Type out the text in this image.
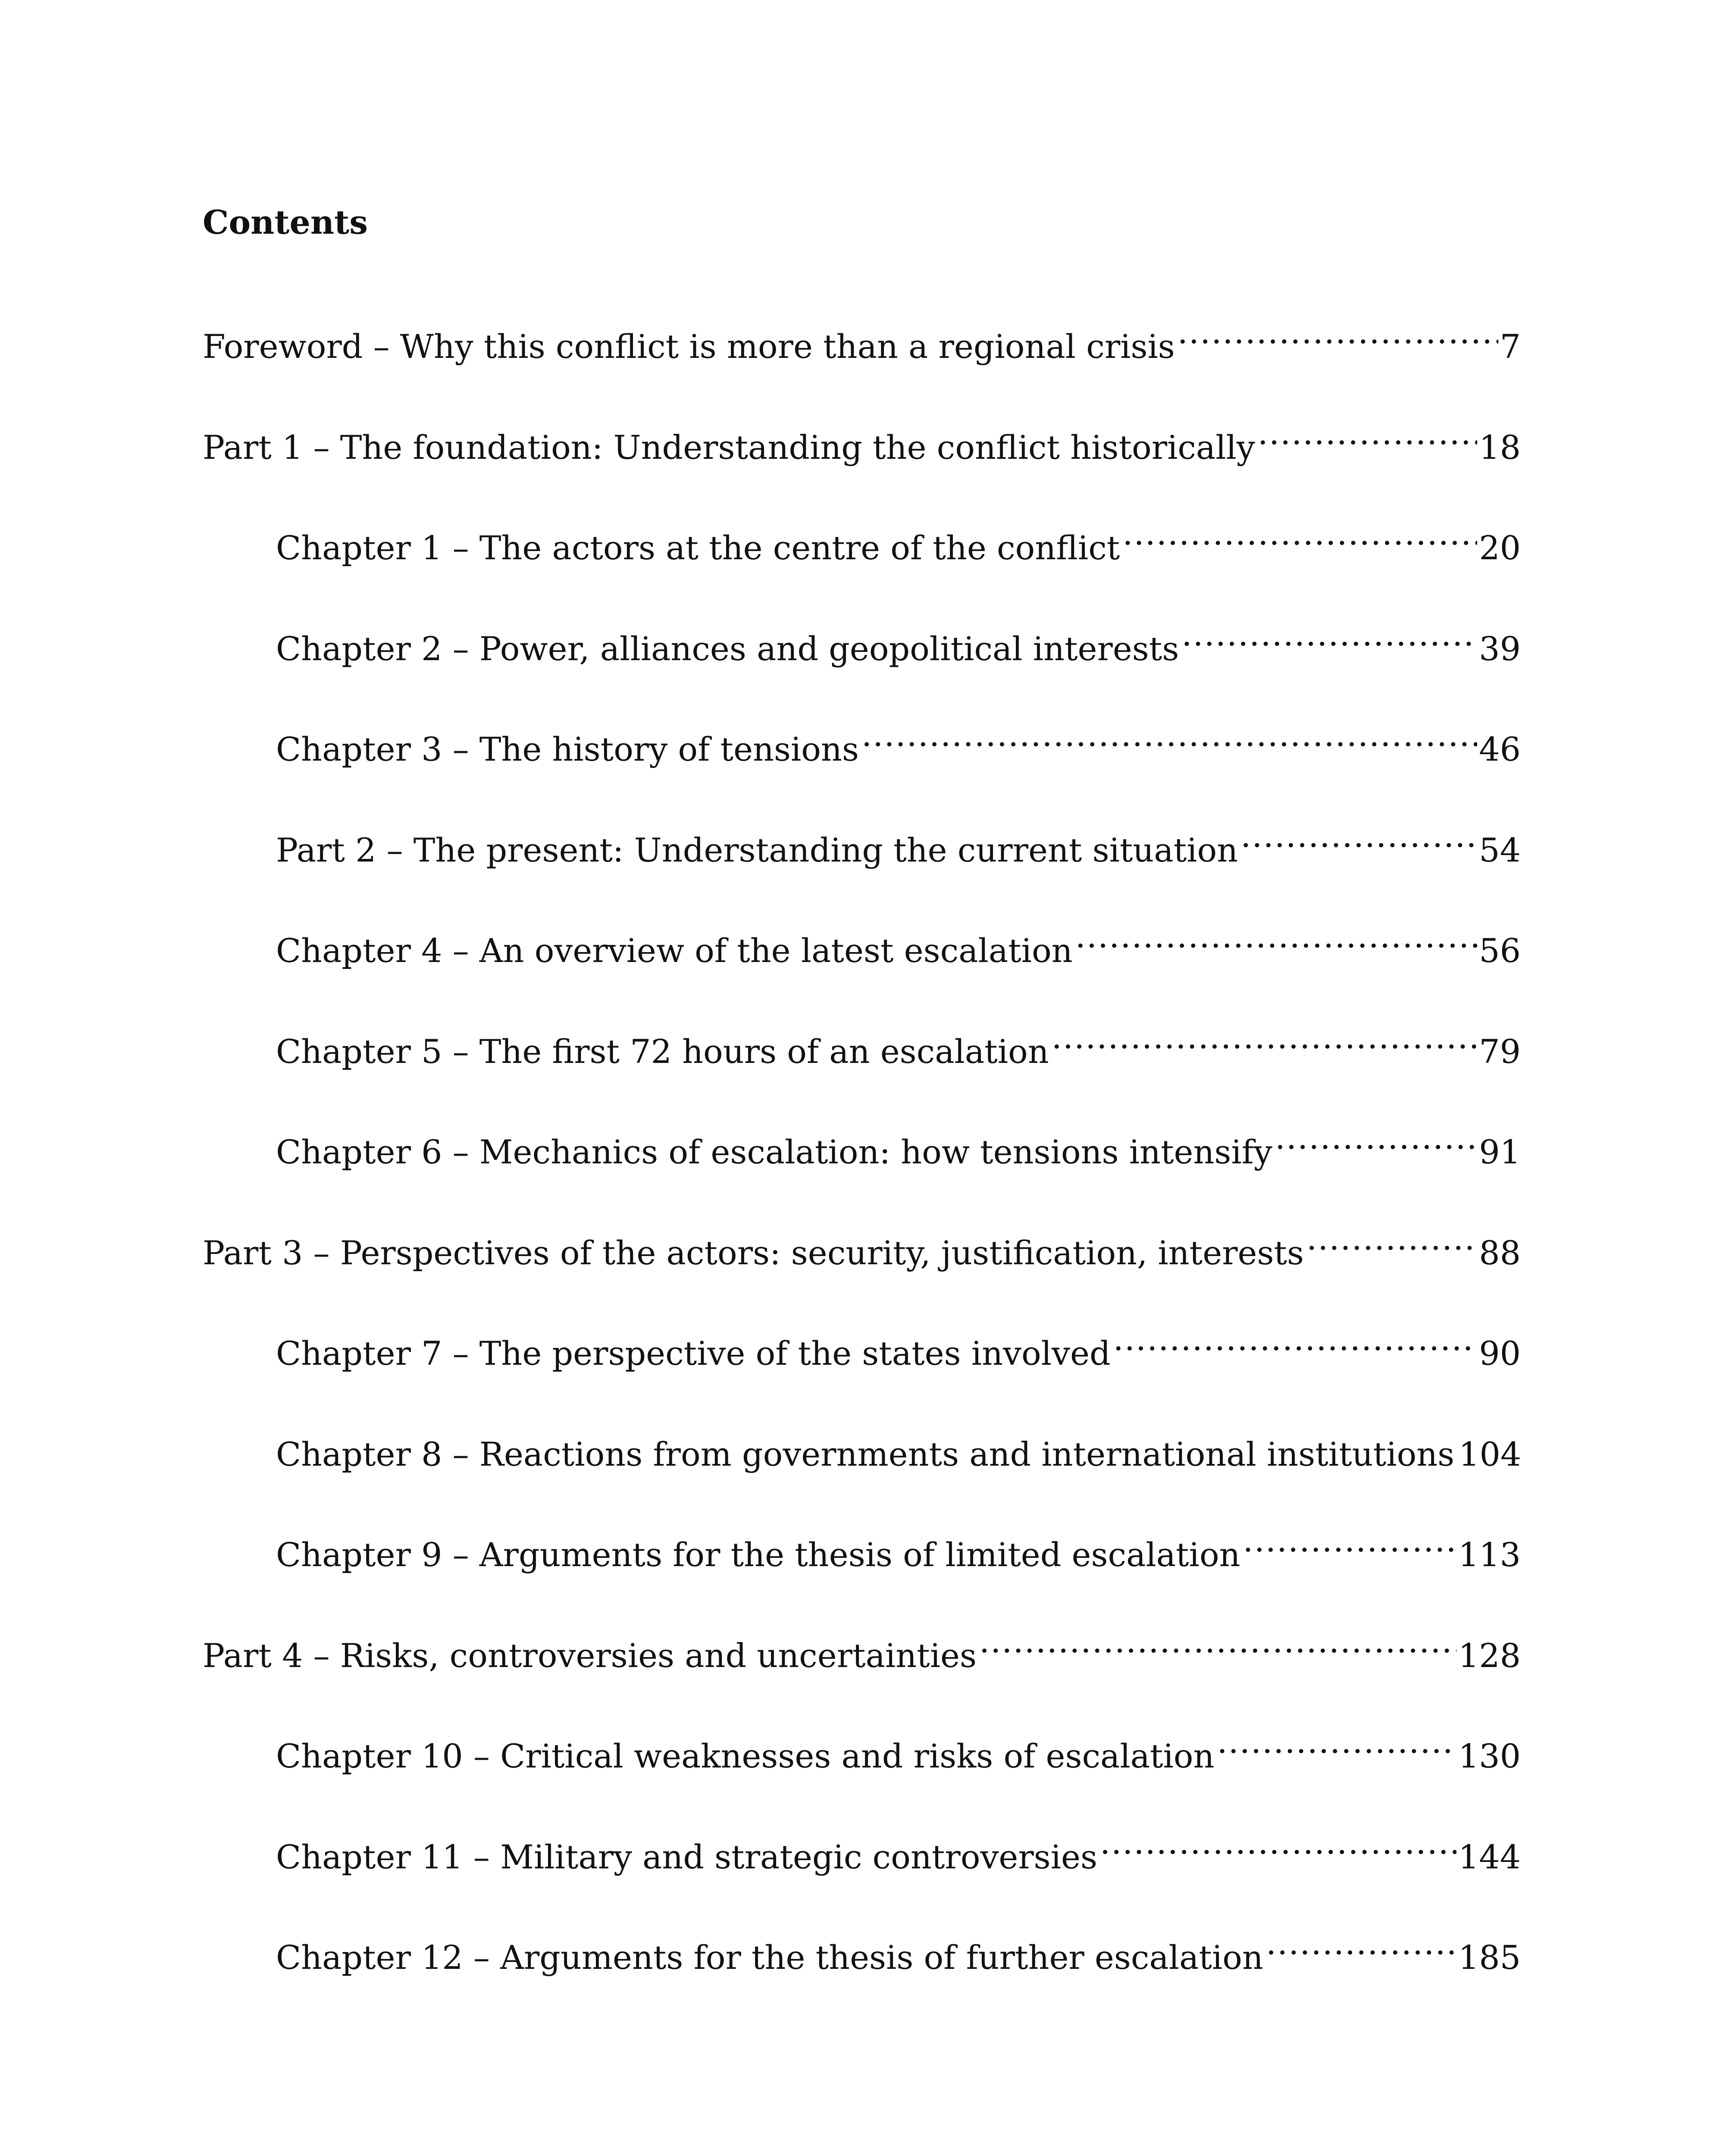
Contents
Foreword – Why this conflict is more than a regional crisis .....	7
Part 1 – The foundation: Understanding the conflict historically .....	18
Chapter 1 – The actors at the centre of the conflict .....	20
Chapter 2 – Power, alliances and geopolitical interests .....	39
Chapter 3 – The history of tensions .....	46
Part 2 – The present: Understanding the current situation .....	54
Chapter 4 – An overview of the latest escalation .....	56
Chapter 5 – The first 72 hours of an escalation .....	79
Chapter 6 – Mechanics of escalation: how tensions intensify .....	91
Part 3 – Perspectives of the actors: security, justification, interests .....	88
Chapter 7 – The perspective of the states involved .....	90
Chapter 8 – Reactions from governments and international institutions 104
Chapter 9 – Arguments for the thesis of limited escalation .....	113
Part 4 – Risks, controversies and uncertainties .....	128
Chapter 10 – Critical weaknesses and risks of escalation .....	130
Chapter 11 – Military and strategic controversies .....	144
Chapter 12 – Arguments for the thesis of further escalation .....	185
